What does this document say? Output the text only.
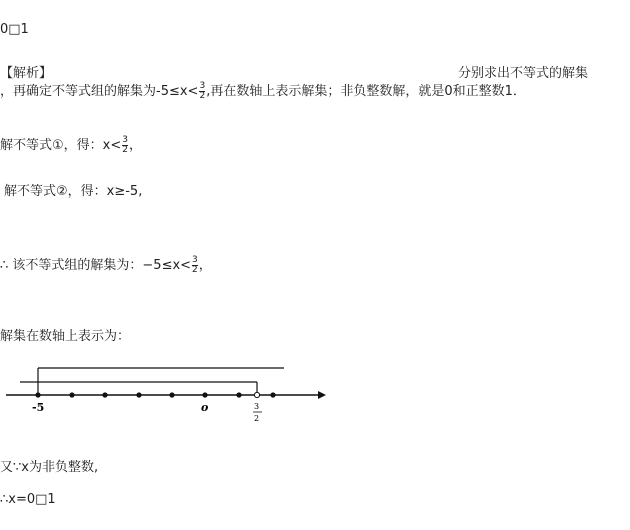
0□1
【解析】	分别求出不等式的解集
，再确定不等式组的解集为$-5\le x< \frac{3}{2}$ ,再在数轴上表示解集；非负整数解，就是0和正整数1．
解不等式①，得：$x< \frac{3}{2}$ ，
解不等式②，得：x≥-5,
∴ 该不等式组的解集为：$-5\le x< \frac{3}{2}$ ，
解集在数轴上表示为：
-5	o	3
2
又∵x为非负整数,
∴x=0□1
